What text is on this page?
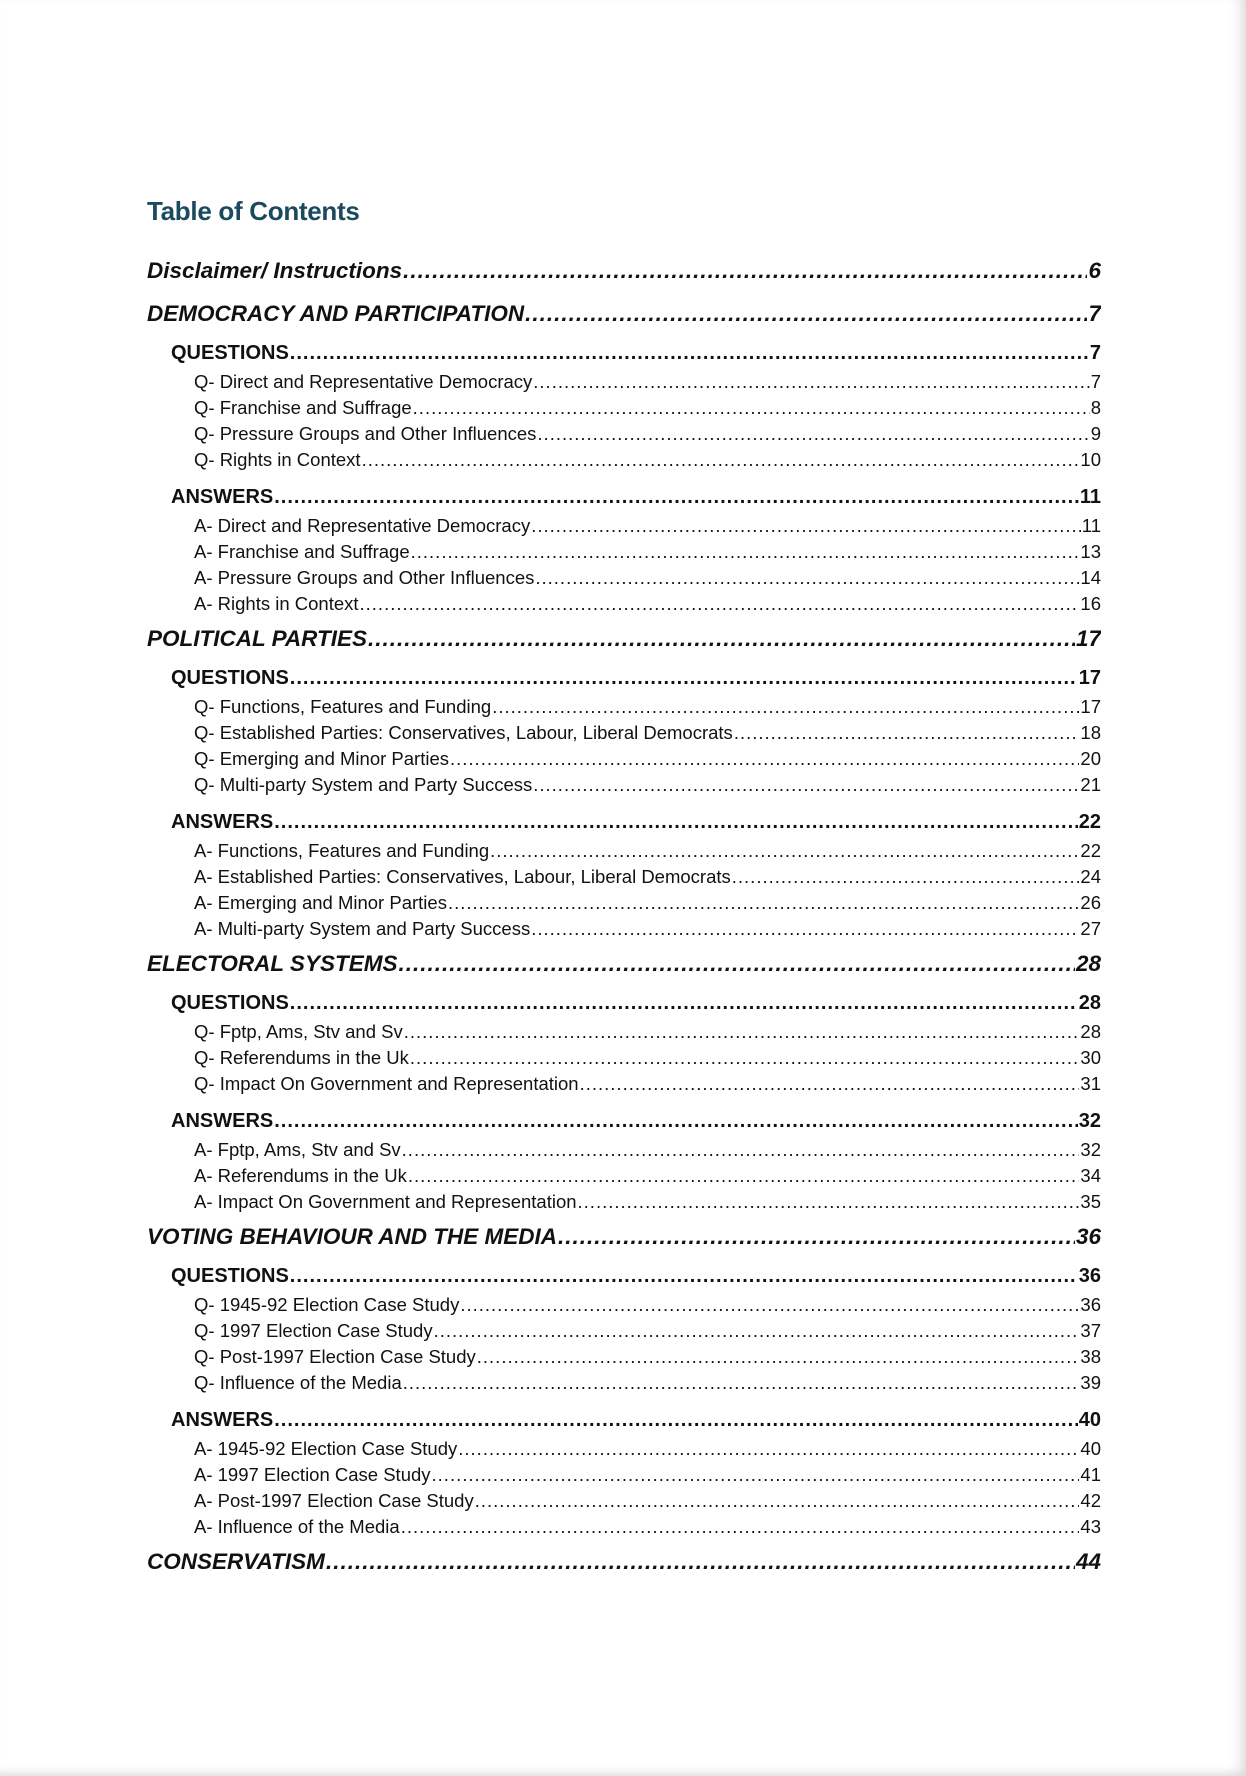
Table of Contents
Disclaimer/ Instructions .....	6
DEMOCRACY AND PARTICIPATION .....	7
QUESTIONS .....	7
Q- Direct and Representative Democracy .....	7
Q- Franchise and Suffrage .....	8
Q- Pressure Groups and Other Influences .....	9
Q- Rights in Context .....	10
ANSWERS .....	11
A- Direct and Representative Democracy .....	11
A- Franchise and Suffrage .....	13
A- Pressure Groups and Other Influences .....	14
A- Rights in Context .....	16
POLITICAL PARTIES .....	17
QUESTIONS .....	17
Q- Functions, Features and Funding .....	17
Q- Established Parties: Conservatives, Labour, Liberal Democrats .....	18
Q- Emerging and Minor Parties .....	20
Q- Multi-party System and Party Success .....	21
ANSWERS .....	22
A- Functions, Features and Funding .....	22
A- Established Parties: Conservatives, Labour, Liberal Democrats .....	24
A- Emerging and Minor Parties .....	26
A- Multi-party System and Party Success .....	27
ELECTORAL SYSTEMS .....	28
QUESTIONS .....	28
Q- Fptp, Ams, Stv and Sv .....	28
Q- Referendums in the Uk .....	30
Q- Impact On Government and Representation .....	31
ANSWERS .....	32
A- Fptp, Ams, Stv and Sv .....	32
A- Referendums in the Uk .....	34
A- Impact On Government and Representation .....	35
VOTING BEHAVIOUR AND THE MEDIA .....	36
QUESTIONS .....	36
Q- 1945-92 Election Case Study .....	36
Q- 1997 Election Case Study .....	37
Q- Post-1997 Election Case Study .....	38
Q- Influence of the Media .....	39
ANSWERS .....	40
A- 1945-92 Election Case Study .....	40
A- 1997 Election Case Study .....	41
A- Post-1997 Election Case Study .....	42
A- Influence of the Media .....	43
CONSERVATISM .....	44
